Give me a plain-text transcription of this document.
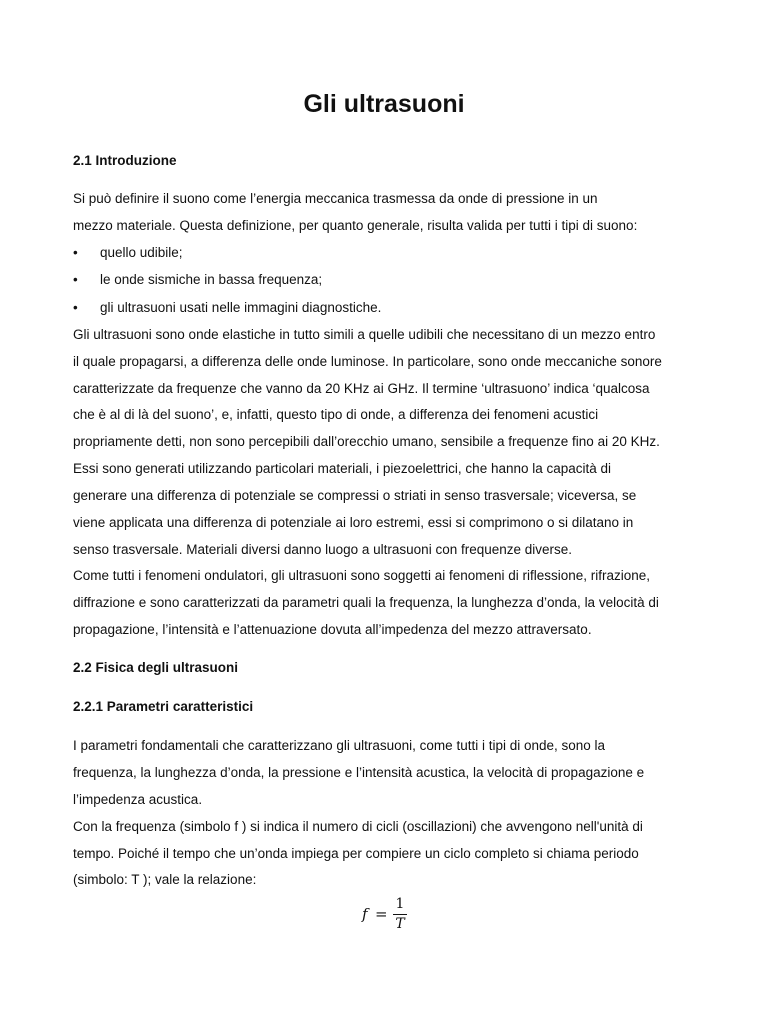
Gli ultrasuoni
2.1 Introduzione
Si può definire il suono come l’energia meccanica trasmessa da onde di pressione in un
mezzo materiale. Questa definizione, per quanto generale, risulta valida per tutti i tipi di suono:
•	quello udibile;
•	le onde sismiche in bassa frequenza;
•	gli ultrasuoni usati nelle immagini diagnostiche.
Gli ultrasuoni sono onde elastiche in tutto simili a quelle udibili che necessitano di un mezzo entro
il quale propagarsi, a differenza delle onde luminose. In particolare, sono onde meccaniche sonore
caratterizzate da frequenze che vanno da 20 KHz ai GHz. Il termine ‘ultrasuono’ indica ‘qualcosa
che è al di là del suono’, e, infatti, questo tipo di onde, a differenza dei fenomeni acustici
propriamente detti, non sono percepibili dall’orecchio umano, sensibile a frequenze fino ai 20 KHz.
Essi sono generati utilizzando particolari materiali, i piezoelettrici, che hanno la capacità di
generare una differenza di potenziale se compressi o striati in senso trasversale; viceversa, se
viene applicata una differenza di potenziale ai loro estremi, essi si comprimono o si dilatano in
senso trasversale. Materiali diversi danno luogo a ultrasuoni con frequenze diverse.
Come tutti i fenomeni ondulatori, gli ultrasuoni sono soggetti ai fenomeni di riflessione, rifrazione,
diffrazione e sono caratterizzati da parametri quali la frequenza, la lunghezza d’onda, la velocità di
propagazione, l’intensità e l’attenuazione dovuta all’impedenza del mezzo attraversato.
2.2 Fisica degli ultrasuoni
2.2.1 Parametri caratteristici
I parametri fondamentali che caratterizzano gli ultrasuoni, come tutti i tipi di onde, sono la
frequenza, la lunghezza d’onda, la pressione e l’intensità acustica, la velocità di propagazione e
l’impedenza acustica.
Con la frequenza (simbolo f ) si indica il numero di cicli (oscillazioni) che avvengono nell'unità di
tempo. Poiché il tempo che un’onda impiega per compiere un ciclo completo si chiama periodo
(simbolo: T ); vale la relazione:
f =
1
T
